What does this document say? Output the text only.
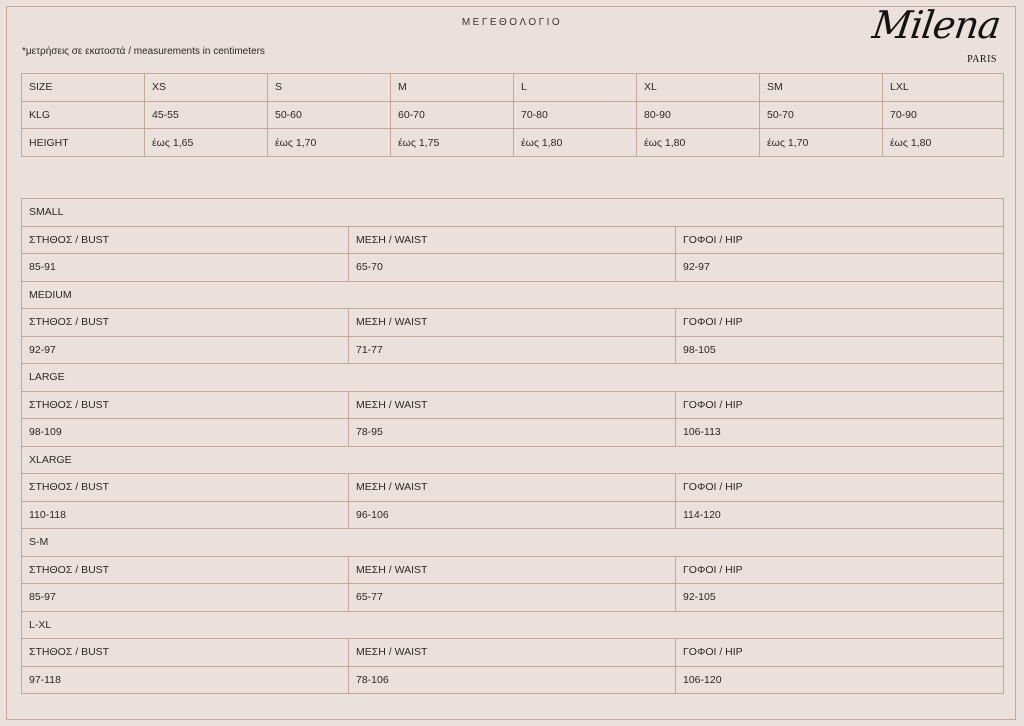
ΜΕΓΕΘΟΛΟΓΙΟ
*μετρήσεις σε εκατοστά / measurements in centimeters
Milena
PARIS
SIZE	XS	S	M	L	XL	SM	LXL
KLG	45-55	50-60	60-70	70-80	80-90	50-70	70-90
HEIGHT	έως 1,65	έως 1,70	έως 1,75	έως 1,80	έως 1,80	έως 1,70	έως 1,80
SMALL		
ΣΤΗΘΟΣ / BUST	ΜΕΣΗ / WAIST	ΓΟΦΟΙ / HIP
85-91	65-70	92-97
MEDIUM		
ΣΤΗΘΟΣ / BUST	ΜΕΣΗ / WAIST	ΓΟΦΟΙ / HIP
92-97	71-77	98-105
LARGE		
ΣΤΗΘΟΣ / BUST	ΜΕΣΗ / WAIST	ΓΟΦΟΙ / HIP
98-109	78-95	106-113
XLARGE		
ΣΤΗΘΟΣ / BUST	ΜΕΣΗ / WAIST	ΓΟΦΟΙ / HIP
110-118	96-106	114-120
S-M		
ΣΤΗΘΟΣ / BUST	ΜΕΣΗ / WAIST	ΓΟΦΟΙ / HIP
85-97	65-77	92-105
L-XL		
ΣΤΗΘΟΣ / BUST	ΜΕΣΗ / WAIST	ΓΟΦΟΙ / HIP
97-118	78-106	106-120
